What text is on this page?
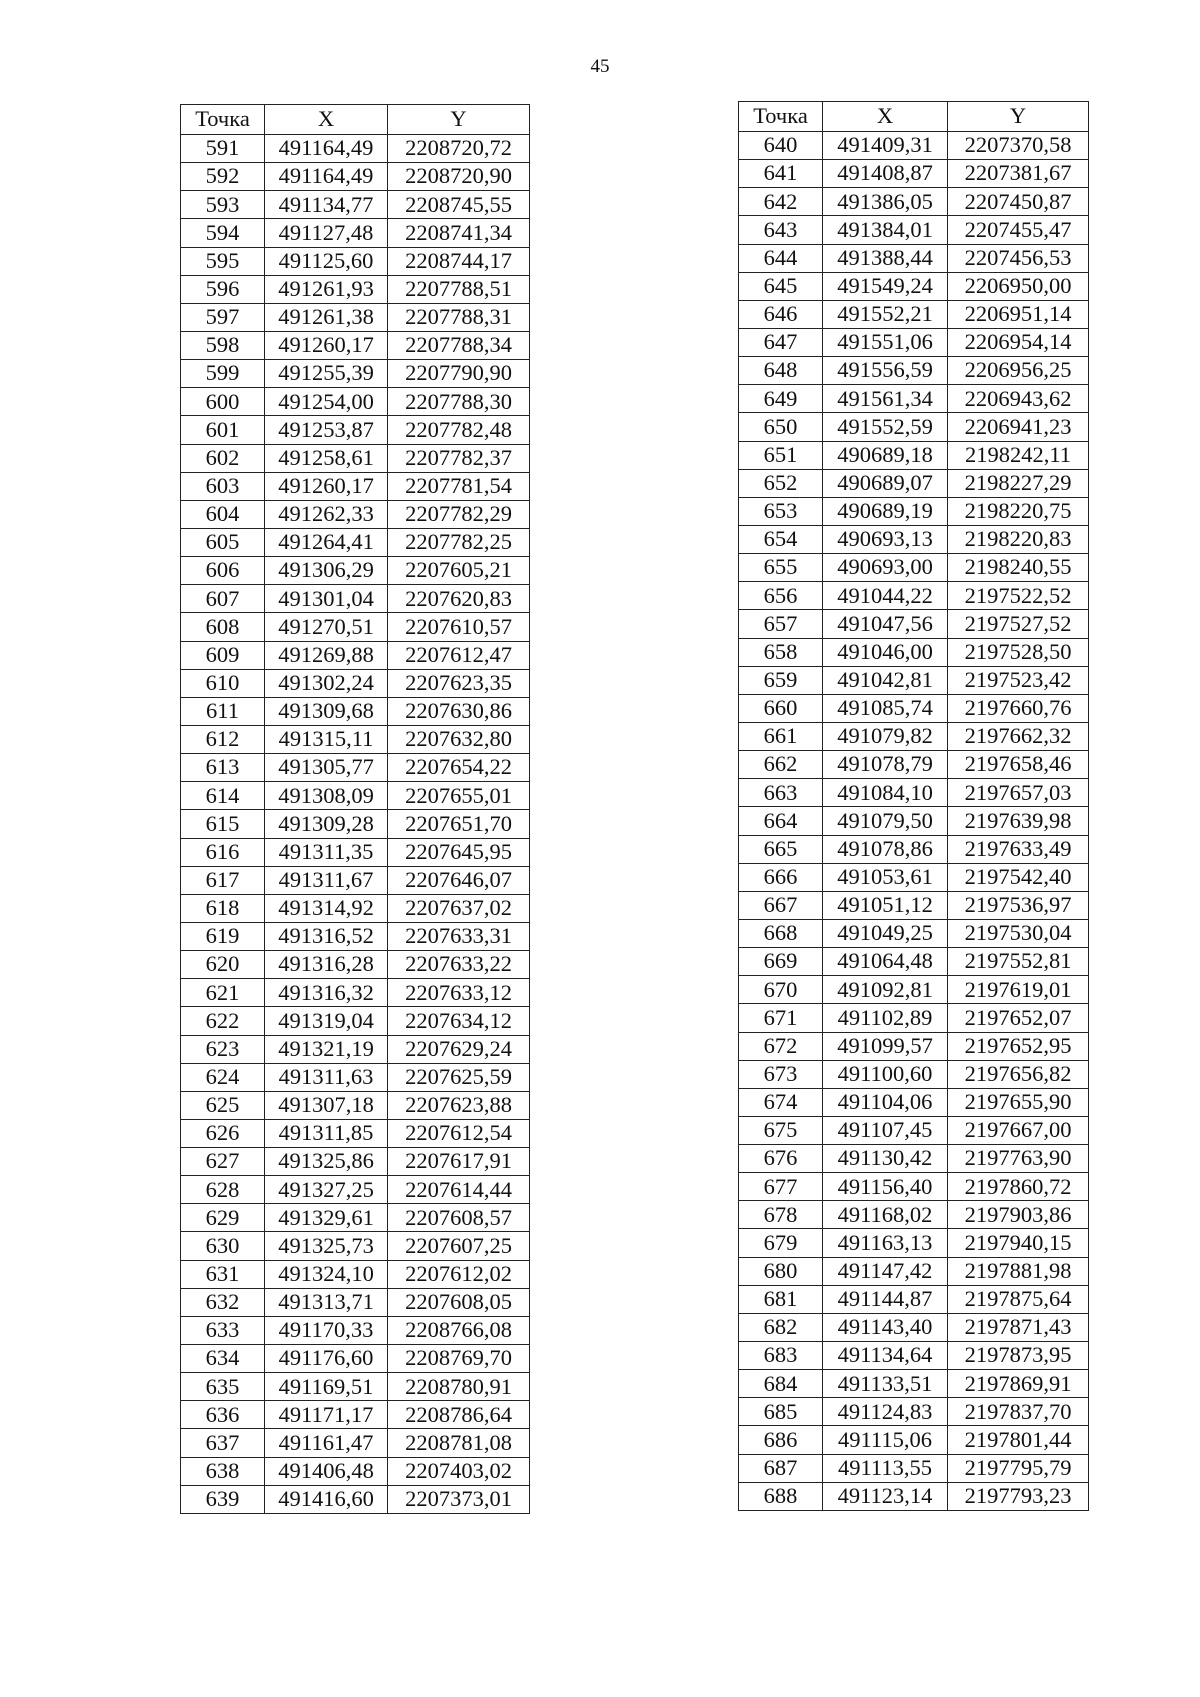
45
Точка	X	Y
591	491164,49	2208720,72
592	491164,49	2208720,90
593	491134,77	2208745,55
594	491127,48	2208741,34
595	491125,60	2208744,17
596	491261,93	2207788,51
597	491261,38	2207788,31
598	491260,17	2207788,34
599	491255,39	2207790,90
600	491254,00	2207788,30
601	491253,87	2207782,48
602	491258,61	2207782,37
603	491260,17	2207781,54
604	491262,33	2207782,29
605	491264,41	2207782,25
606	491306,29	2207605,21
607	491301,04	2207620,83
608	491270,51	2207610,57
609	491269,88	2207612,47
610	491302,24	2207623,35
611	491309,68	2207630,86
612	491315,11	2207632,80
613	491305,77	2207654,22
614	491308,09	2207655,01
615	491309,28	2207651,70
616	491311,35	2207645,95
617	491311,67	2207646,07
618	491314,92	2207637,02
619	491316,52	2207633,31
620	491316,28	2207633,22
621	491316,32	2207633,12
622	491319,04	2207634,12
623	491321,19	2207629,24
624	491311,63	2207625,59
625	491307,18	2207623,88
626	491311,85	2207612,54
627	491325,86	2207617,91
628	491327,25	2207614,44
629	491329,61	2207608,57
630	491325,73	2207607,25
631	491324,10	2207612,02
632	491313,71	2207608,05
633	491170,33	2208766,08
634	491176,60	2208769,70
635	491169,51	2208780,91
636	491171,17	2208786,64
637	491161,47	2208781,08
638	491406,48	2207403,02
639	491416,60	2207373,01
Точка	X	Y
640	491409,31	2207370,58
641	491408,87	2207381,67
642	491386,05	2207450,87
643	491384,01	2207455,47
644	491388,44	2207456,53
645	491549,24	2206950,00
646	491552,21	2206951,14
647	491551,06	2206954,14
648	491556,59	2206956,25
649	491561,34	2206943,62
650	491552,59	2206941,23
651	490689,18	2198242,11
652	490689,07	2198227,29
653	490689,19	2198220,75
654	490693,13	2198220,83
655	490693,00	2198240,55
656	491044,22	2197522,52
657	491047,56	2197527,52
658	491046,00	2197528,50
659	491042,81	2197523,42
660	491085,74	2197660,76
661	491079,82	2197662,32
662	491078,79	2197658,46
663	491084,10	2197657,03
664	491079,50	2197639,98
665	491078,86	2197633,49
666	491053,61	2197542,40
667	491051,12	2197536,97
668	491049,25	2197530,04
669	491064,48	2197552,81
670	491092,81	2197619,01
671	491102,89	2197652,07
672	491099,57	2197652,95
673	491100,60	2197656,82
674	491104,06	2197655,90
675	491107,45	2197667,00
676	491130,42	2197763,90
677	491156,40	2197860,72
678	491168,02	2197903,86
679	491163,13	2197940,15
680	491147,42	2197881,98
681	491144,87	2197875,64
682	491143,40	2197871,43
683	491134,64	2197873,95
684	491133,51	2197869,91
685	491124,83	2197837,70
686	491115,06	2197801,44
687	491113,55	2197795,79
688	491123,14	2197793,23
